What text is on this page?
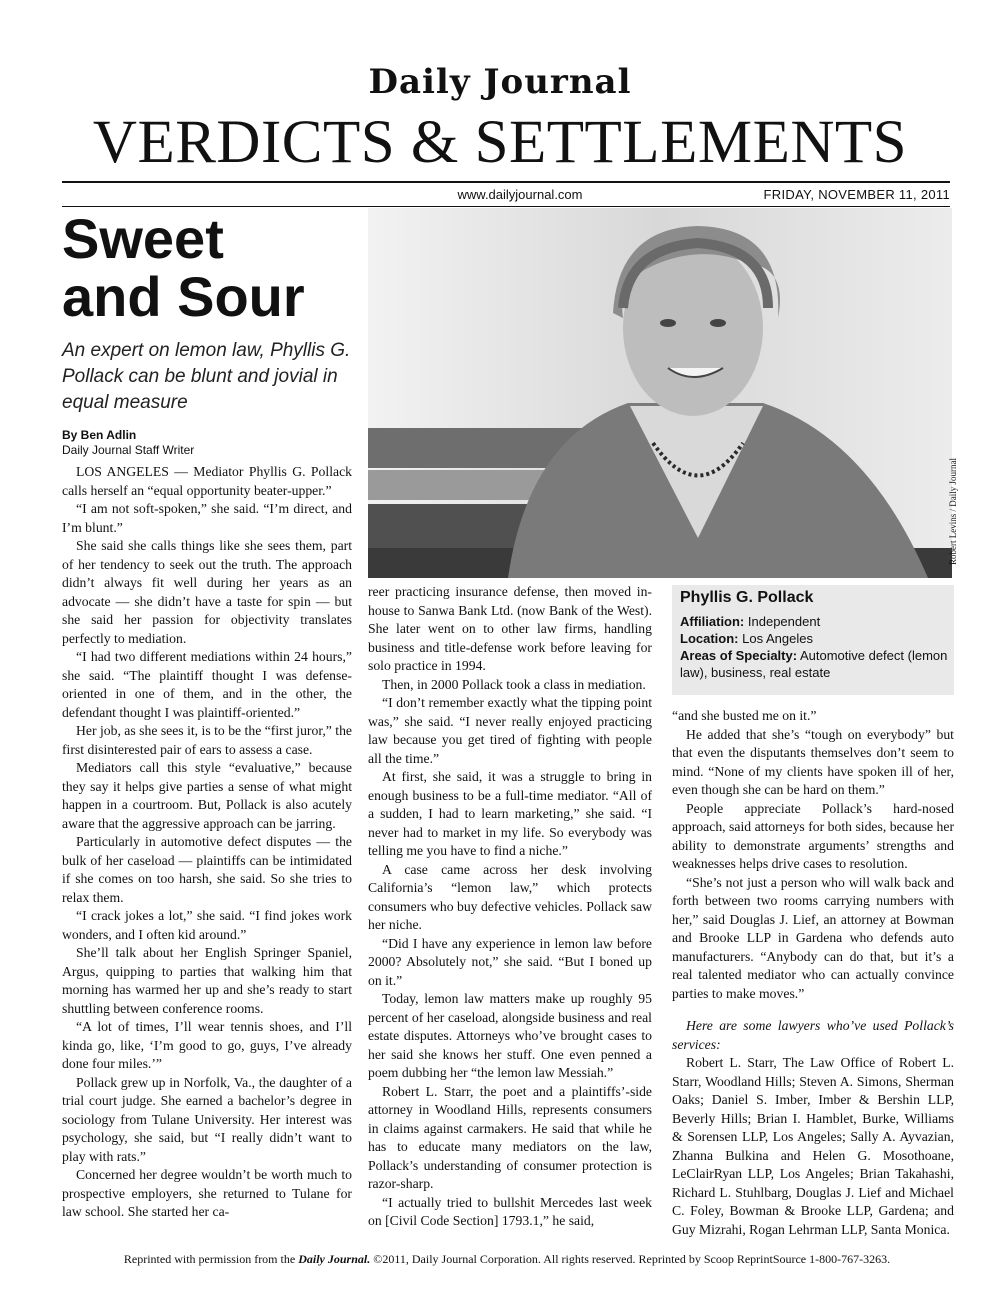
Daily Journal
VERDICTS & SETTLEMENTS
www.dailyjournal.com	FRIDAY, NOVEMBER 11, 2011
Sweet
and Sour
An expert on lemon law, Phyllis G. Pollack can be blunt and jovial in equal measure
By Ben Adlin
Daily Journal Staff Writer
Robert Levins / Daily Journal
Phyllis G. Pollack
Affiliation: Independent
Location: Los Angeles
Areas of Specialty: Automotive defect (lemon law), business, real estate

LOS ANGELES — Mediator Phyllis G. Pollack calls herself an “equal opportunity beater-upper.”

“I am not soft-spoken,” she said. “I’m direct, and I’m blunt.”

She said she calls things like she sees them, part of her tendency to seek out the truth. The approach didn’t always fit well during her years as an advocate — she didn’t have a taste for spin — but she said her passion for objectivity translates perfectly to mediation.

“I had two different mediations within 24 hours,” she said. “The plaintiff thought I was defense-oriented in one of them, and in the other, the defendant thought I was plaintiff-oriented.”

Her job, as she sees it, is to be the “first juror,” the first disinterested pair of ears to assess a case.

Mediators call this style “evaluative,” because they say it helps give parties a sense of what might happen in a courtroom. But, Pollack is also acutely aware that the aggressive approach can be jarring.

Particularly in automotive defect disputes — the bulk of her caseload — plaintiffs can be intimidated if she comes on too harsh, she said. So she tries to relax them.

“I crack jokes a lot,” she said. “I find jokes work wonders, and I often kid around.”

She’ll talk about her English Springer Spaniel, Argus, quipping to parties that walking him that morning has warmed her up and she’s ready to start shuttling between conference rooms.

“A lot of times, I’ll wear tennis shoes, and I’ll kinda go, like, ‘I’m good to go, guys, I’ve already done four miles.’”

Pollack grew up in Norfolk, Va., the daughter of a trial court judge. She earned a bachelor’s degree in sociology from Tulane University. Her interest was psychology, she said, but “I really didn’t want to play with rats.”

Concerned her degree wouldn’t be worth much to prospective employers, she returned to Tulane for law school. She started her ca-

reer practicing insurance defense, then moved in-house to Sanwa Bank Ltd. (now Bank of the West). She later went on to other law firms, handling business and title-defense work before leaving for solo practice in 1994.

Then, in 2000 Pollack took a class in mediation.

“I don’t remember exactly what the tipping point was,” she said. “I never really enjoyed practicing law because you get tired of fighting with people all the time.”

At first, she said, it was a struggle to bring in enough business to be a full-time mediator. “All of a sudden, I had to learn marketing,” she said. “I never had to market in my life. So everybody was telling me you have to find a niche.”

A case came across her desk involving California’s “lemon law,” which protects consumers who buy defective vehicles. Pollack saw her niche.

“Did I have any experience in lemon law before 2000? Absolutely not,” she said. “But I boned up on it.”

Today, lemon law matters make up roughly 95 percent of her caseload, alongside business and real estate disputes. Attorneys who’ve brought cases to her said she knows her stuff. One even penned a poem dubbing her “the lemon law Messiah.”

Robert L. Starr, the poet and a plaintiffs’-side attorney in Woodland Hills, represents consumers in claims against carmakers. He said that while he has to educate many mediators on the law, Pollack’s understanding of consumer protection is razor-sharp.

“I actually tried to bullshit Mercedes last week on [Civil Code Section] 1793.1,” he said,

“and she busted me on it.”

He added that she’s “tough on everybody” but that even the disputants themselves don’t seem to mind. “None of my clients have spoken ill of her, even though she can be hard on them.”

People appreciate Pollack’s hard-nosed approach, said attorneys for both sides, because her ability to demonstrate arguments’ strengths and weaknesses helps drive cases to resolution.

“She’s not just a person who will walk back and forth between two rooms carrying numbers with her,” said Douglas J. Lief, an attorney at Bowman and Brooke LLP in Gardena who defends auto manufacturers. “Anybody can do that, but it’s a real talented mediator who can actually convince parties to make moves.”

Here are some lawyers who’ve used Pollack’s services:

Robert L. Starr, The Law Office of Robert L. Starr, Woodland Hills; Steven A. Simons, Sherman Oaks; Daniel S. Imber, Imber & Bershin LLP, Beverly Hills; Brian I. Hamblet, Burke, Williams & Sorensen LLP, Los Angeles; Sally A. Ayvazian, Zhanna Bulkina and Helen G. Mosothoane, LeClairRyan LLP, Los Angeles; Brian Takahashi, Richard L. Stuhlbarg, Douglas J. Lief and Michael C. Foley, Bowman & Brooke LLP, Gardena; and Guy Mizrahi, Rogan Lehrman LLP, Santa Monica.

Reprinted with permission from the Daily Journal. ©2011, Daily Journal Corporation. All rights reserved. Reprinted by Scoop ReprintSource 1-800-767-3263.
